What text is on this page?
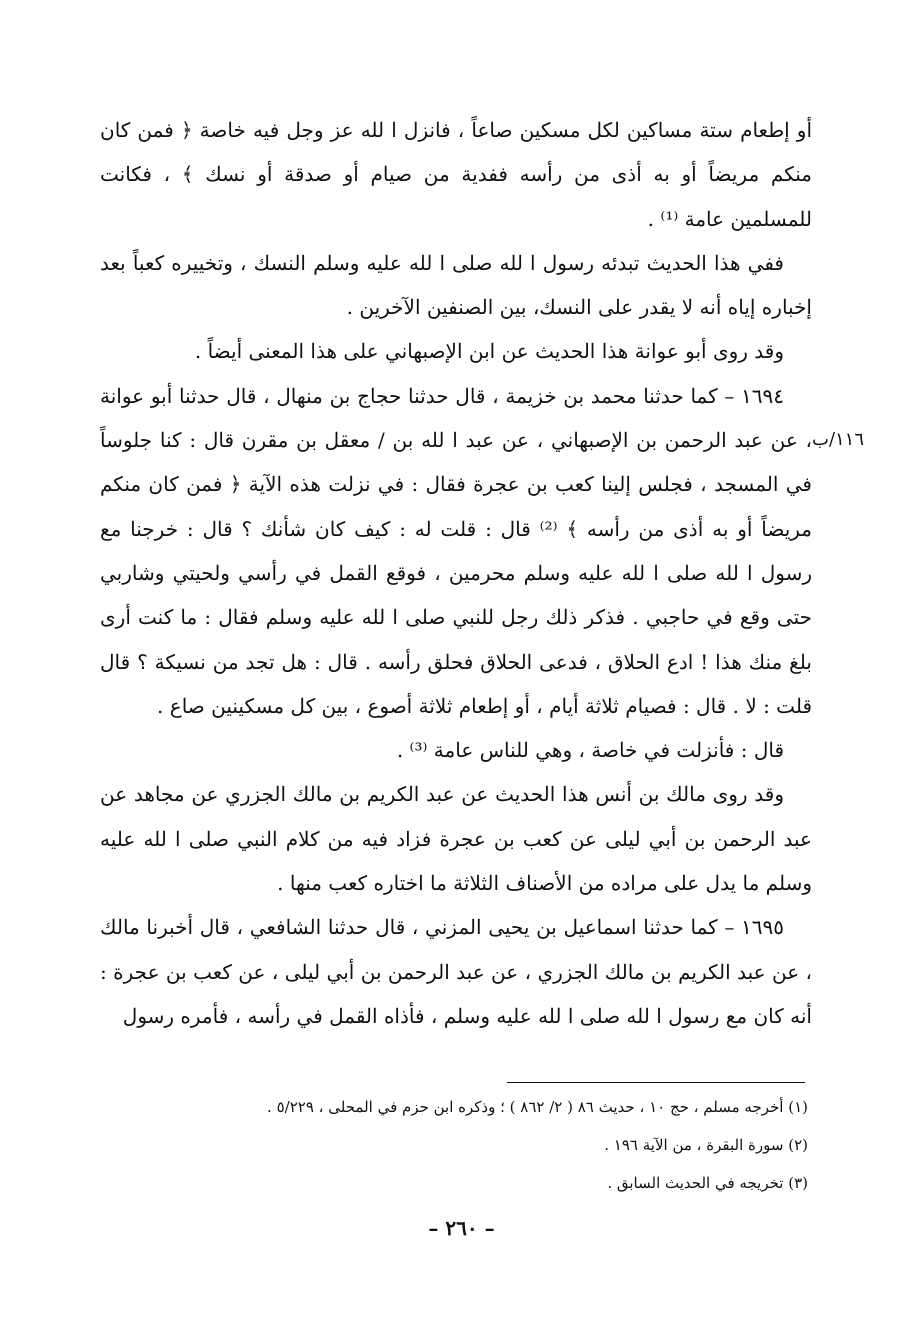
١١٦/ب

أو إطعام ستة مساكين لكل مسكين صاعاً ، فانزل ا لله عز وجل فيه خاصة ﴿ فمن كان منكم مريضاً أو به أذى من رأسه ففدية من صيام أو صدقة أو نسك ﴾ ، فكانت للمسلمين عامة ⁽¹⁾ .

ففي هذا الحديث تبدئه رسول ا لله صلى ا لله عليه وسلم النسك ، وتخييره كعباً بعد إخباره إياه أنه لا يقدر على النسك، بين الصنفين الآخرين .

وقد روى أبو عوانة هذا الحديث عن ابن الإصبهاني على هذا المعنى أيضاً .

١٦٩٤ – كما حدثنا محمد بن خزيمة ، قال حدثنا حجاج بن منهال ، قال حدثنا أبو عوانة ، عن عبد الرحمن بن الإصبهاني ، عن عبد ا لله بن / معقل بن مقرن قال : كنا جلوساً في المسجد ، فجلس إلينا كعب بن عجرة فقال : في نزلت هذه الآية ﴿ فمن كان منكم مريضاً أو به أذى من رأسه ﴾ ⁽²⁾ قال : قلت له : كيف كان شأنك ؟ قال : خرجنا مع رسول ا لله صلى ا لله عليه وسلم محرمين ، فوقع القمل في رأسي ولحيتي وشاربي حتى وقع في حاجبي . فذكر ذلك رجل للنبي صلى ا لله عليه وسلم فقال : ما كنت أرى بلغ منك هذا ! ادع الحلاق ، فدعى الحلاق فحلق رأسه . قال : هل تجد من نسيكة ؟ قال قلت : لا . قال : فصيام ثلاثة أيام ، أو إطعام ثلاثة أصوع ، بين كل مسكينين صاع .

قال : فأنزلت في خاصة ، وهي للناس عامة ⁽³⁾ .

وقد روى مالك بن أنس هذا الحديث عن عبد الكريم بن مالك الجزري عن مجاهد عن عبد الرحمن بن أبي ليلى عن كعب بن عجرة فزاد فيه من كلام النبي صلى ا لله عليه وسلم ما يدل على مراده من الأصناف الثلاثة ما اختاره كعب منها .

١٦٩٥ – كما حدثنا اسماعيل بن يحيى المزني ، قال حدثنا الشافعي ، قال أخبرنا مالك ، عن عبد الكريم بن مالك الجزري ، عن عبد الرحمن بن أبي ليلى ، عن كعب بن عجرة : أنه كان مع رسول ا لله صلى ا لله عليه وسلم ، فأذاه القمل في رأسه ، فأمره رسول

(١) أخرجه مسلم ، حج ١٠ ، حديث ٨٦ ( ٢/ ٨٦٢ ) ؛ وذكره ابن حزم في المحلى ، ٥/٢٢٩ .

(٢) سورة البقرة ، من الآية ١٩٦ .

(٣) تخريجه في الحديث السابق .

– ٢٦٠ –
